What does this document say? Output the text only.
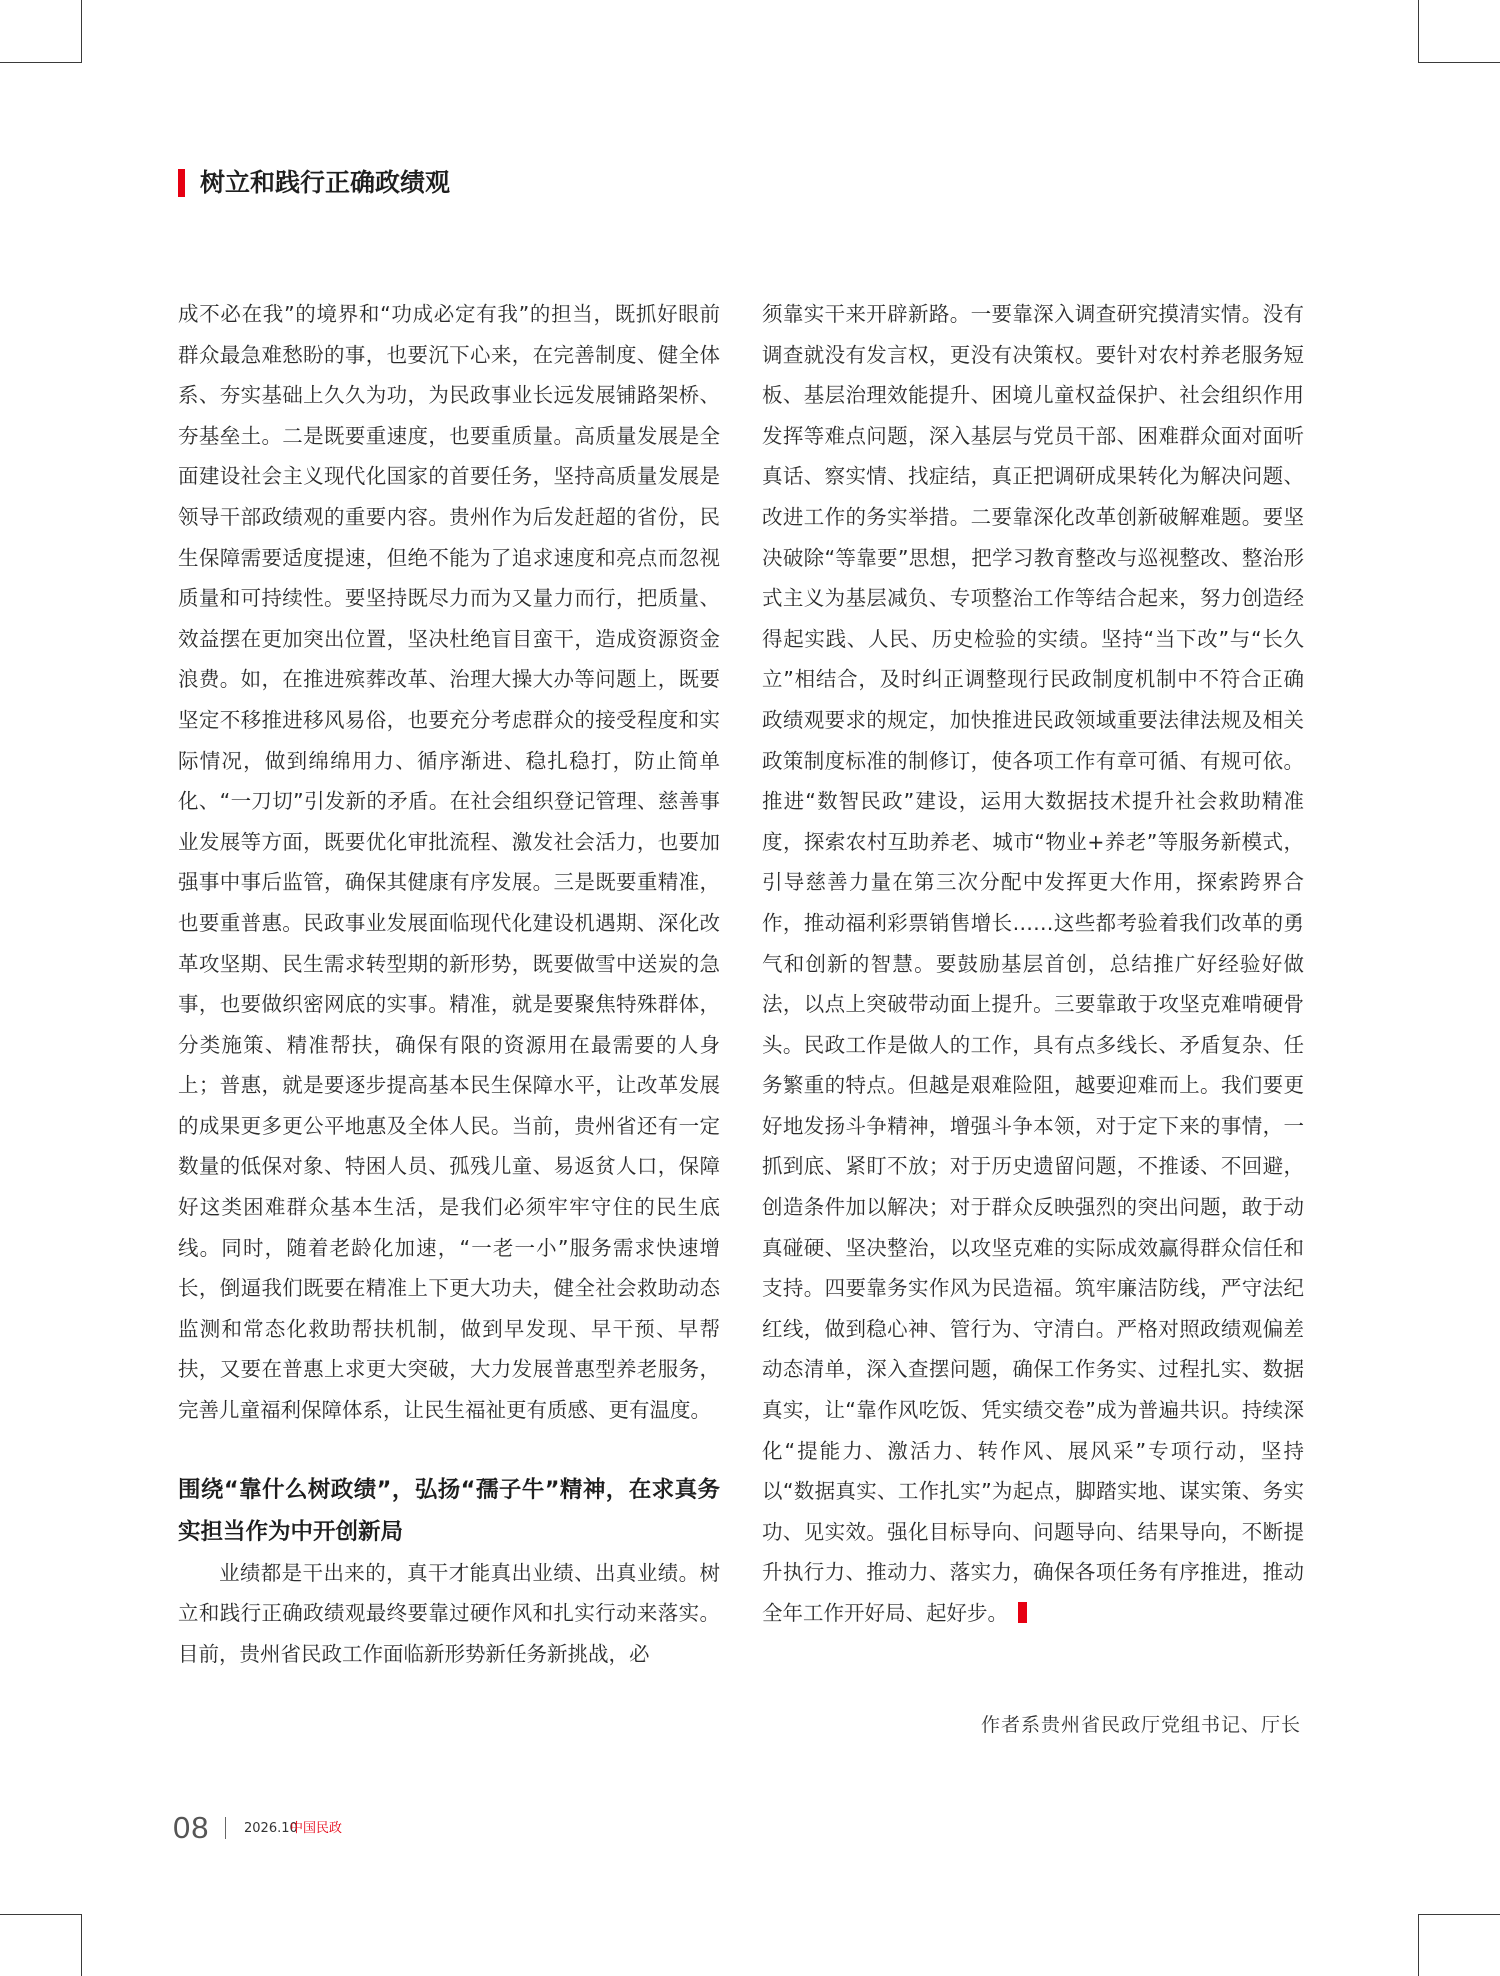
树立和践行正确政绩观

成不必在我”的境界和“功成必定有我”的担当，既抓好眼前群众最急难愁盼的事，也要沉下心来，在完善制度、健全体系、夯实基础上久久为功，为民政事业长远发展铺路架桥、夯基垒土。二是既要重速度，也要重质量。高质量发展是全面建设社会主义现代化国家的首要任务，坚持高质量发展是领导干部政绩观的重要内容。贵州作为后发赶超的省份，民生保障需要适度提速，但绝不能为了追求速度和亮点而忽视质量和可持续性。要坚持既尽力而为又量力而行，把质量、效益摆在更加突出位置，坚决杜绝盲目蛮干，造成资源资金浪费。如，在推进殡葬改革、治理大操大办等问题上，既要坚定不移推进移风易俗，也要充分考虑群众的接受程度和实际情况，做到绵绵用力、循序渐进、稳扎稳打，防止简单化、“一刀切”引发新的矛盾。在社会组织登记管理、慈善事业发展等方面，既要优化审批流程、激发社会活力，也要加强事中事后监管，确保其健康有序发展。三是既要重精准，也要重普惠。民政事业发展面临现代化建设机遇期、深化改革攻坚期、民生需求转型期的新形势，既要做雪中送炭的急事，也要做织密网底的实事。精准，就是要聚焦特殊群体，分类施策、精准帮扶，确保有限的资源用在最需要的人身上；普惠，就是要逐步提高基本民生保障水平，让改革发展的成果更多更公平地惠及全体人民。当前，贵州省还有一定数量的低保对象、特困人员、孤残儿童、易返贫人口，保障好这类困难群众基本生活，是我们必须牢牢守住的民生底线。同时，随着老龄化加速，“一老一小”服务需求快速增长，倒逼我们既要在精准上下更大功夫，健全社会救助动态监测和常态化救助帮扶机制，做到早发现、早干预、早帮扶，又要在普惠上求更大突破，大力发展普惠型养老服务，完善儿童福利保障体系，让民生福祉更有质感、更有温度。

围绕“靠什么树政绩”，弘扬“孺子牛”精神，在求真务实担当作为中开创新局

业绩都是干出来的，真干才能真出业绩、出真业绩。树立和践行正确政绩观最终要靠过硬作风和扎实行动来落实。目前，贵州省民政工作面临新形势新任务新挑战，必

须靠实干来开辟新路。一要靠深入调查研究摸清实情。没有调查就没有发言权，更没有决策权。要针对农村养老服务短板、基层治理效能提升、困境儿童权益保护、社会组织作用发挥等难点问题，深入基层与党员干部、困难群众面对面听真话、察实情、找症结，真正把调研成果转化为解决问题、改进工作的务实举措。二要靠深化改革创新破解难题。要坚决破除“等靠要”思想，把学习教育整改与巡视整改、整治形式主义为基层减负、专项整治工作等结合起来，努力创造经得起实践、人民、历史检验的实绩。坚持“当下改”与“长久立”相结合，及时纠正调整现行民政制度机制中不符合正确政绩观要求的规定，加快推进民政领域重要法律法规及相关政策制度标准的制修订，使各项工作有章可循、有规可依。推进“数智民政”建设，运用大数据技术提升社会救助精准度，探索农村互助养老、城市“物业+养老”等服务新模式，引导慈善力量在第三次分配中发挥更大作用，探索跨界合作，推动福利彩票销售增长……这些都考验着我们改革的勇气和创新的智慧。要鼓励基层首创，总结推广好经验好做法，以点上突破带动面上提升。三要靠敢于攻坚克难啃硬骨头。民政工作是做人的工作，具有点多线长、矛盾复杂、任务繁重的特点。但越是艰难险阻，越要迎难而上。我们要更好地发扬斗争精神，增强斗争本领，对于定下来的事情，一抓到底、紧盯不放；对于历史遗留问题，不推诿、不回避，创造条件加以解决；对于群众反映强烈的突出问题，敢于动真碰硬、坚决整治，以攻坚克难的实际成效赢得群众信任和支持。四要靠务实作风为民造福。筑牢廉洁防线，严守法纪红线，做到稳心神、管行为、守清白。严格对照政绩观偏差动态清单，深入查摆问题，确保工作务实、过程扎实、数据真实，让“靠作风吃饭、凭实绩交卷”成为普遍共识。持续深化“提能力、激活力、转作风、展风采”专项行动，坚持以“数据真实、工作扎实”为起点，脚踏实地、谋实策、务实功、见实效。强化目标导向、问题导向、结果导向，不断提升执行力、推动力、落实力，确保各项任务有序推进，推动全年工作开好局、起好步。

作者系贵州省民政厅党组书记、厅长
08	2026.10
中国民政
